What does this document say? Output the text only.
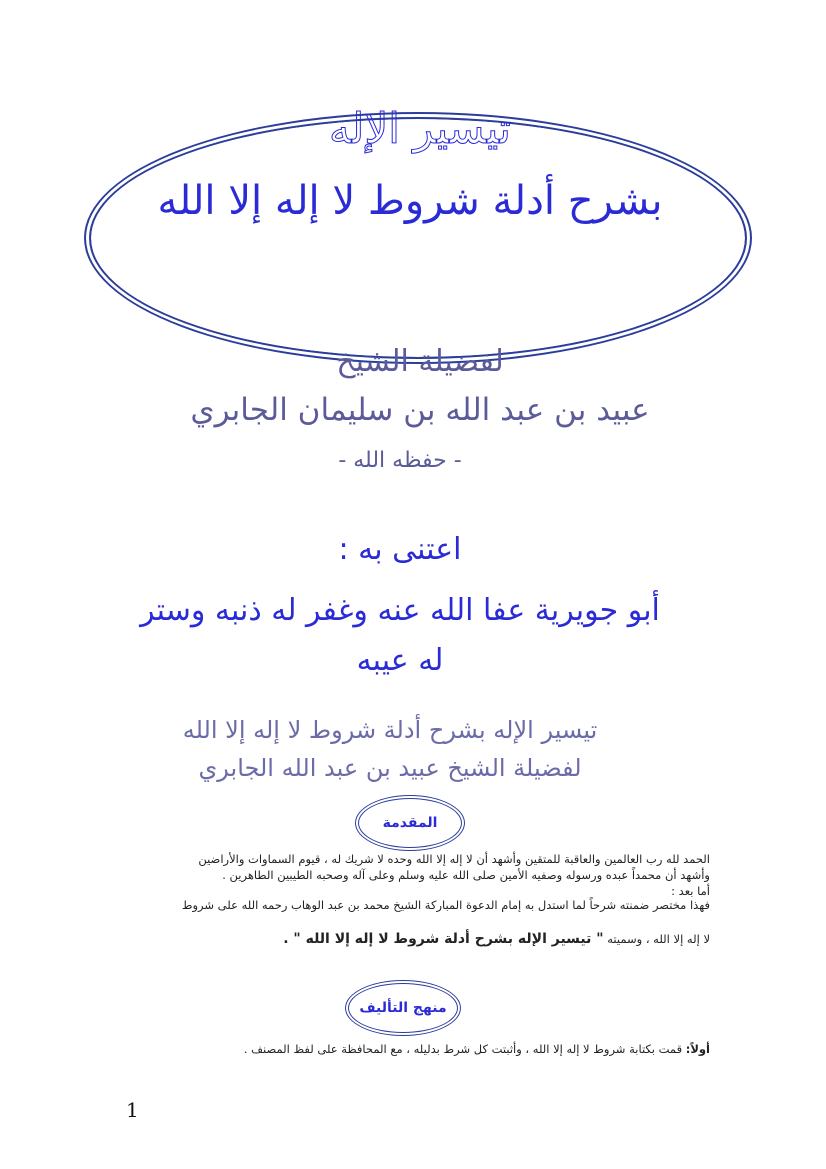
تيسير الإله
بشرح أدلة شروط لا إله إلا الله
لفضيلة الشيخ
عبيد بن عبد الله بن سليمان الجابري
- حفظه الله -
اعتنى به :
أبو جويرية عفا الله عنه وغفر له ذنبه وستر
له عيبه
تيسير الإله بشرح أدلة شروط لا إله إلا الله
لفضيلة الشيخ عبيد بن عبد الله الجابري
المقدمة
الحمد لله رب العالمين والعاقبة للمتقين وأشهد أن لا إله إلا الله وحده لا شريك له ، قيوم السماوات والأراضين
وأشهد أن محمداً عبده ورسوله وصفيه الأمين صلى الله عليه وسلم وعلى آله وصحبه الطيبين الطاهرين .
أما بعد :
فهذا مختصر ضمنته شرحاً لما استدل به إمام الدعوة المباركة الشيخ محمد بن عبد الوهاب رحمه الله على شروط
لا إله إلا الله ، وسميته " تيسير الإله بشرح أدلة شروط لا إله إلا الله " .
منهج التأليف
أولاً: قمت بكتابة شروط لا إله إلا الله ، وأثبتت كل شرط بدليله ، مع المحافظة على لفظ المصنف .
1
